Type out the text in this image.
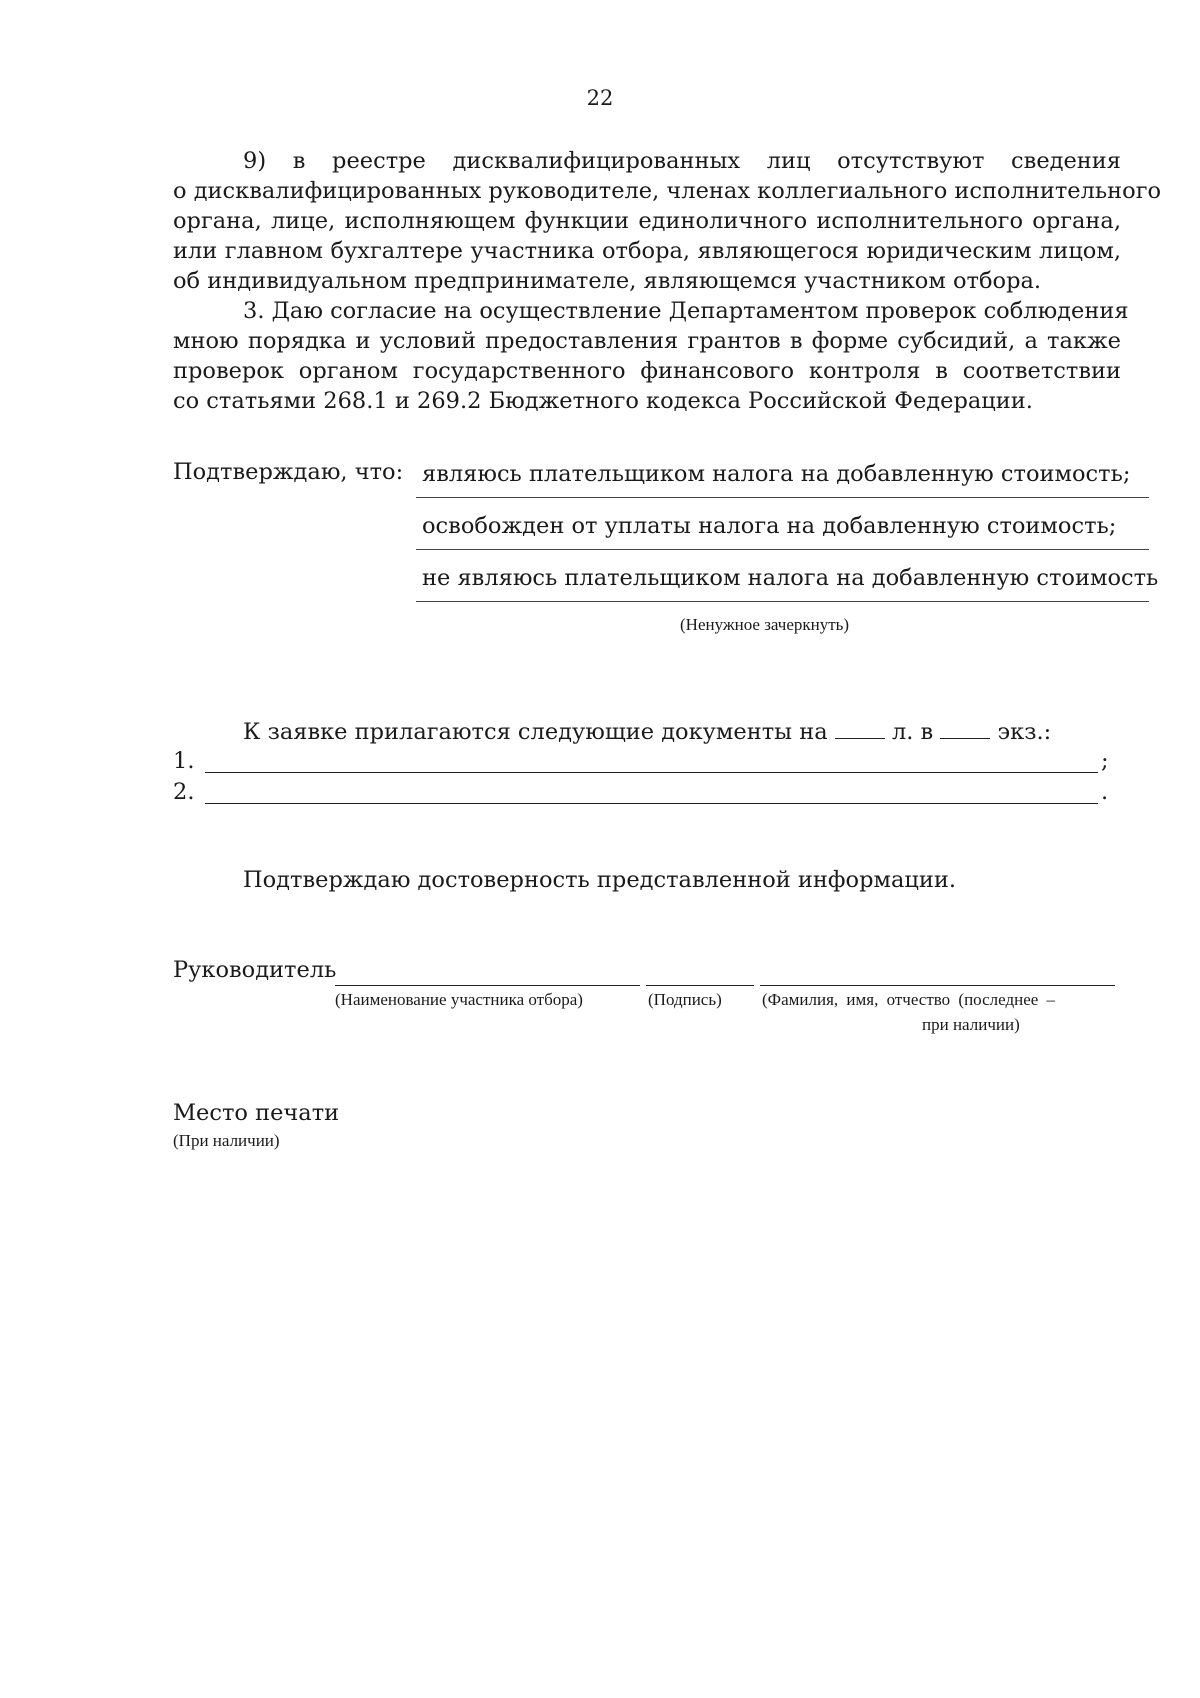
22
9) в реестре дисквалифицированных лиц отсутствуют сведения
о дисквалифицированных руководителе, членах коллегиального исполнительного
органа, лице, исполняющем функции единоличного исполнительного органа,
или главном бухгалтере участника отбора, являющегося юридическим лицом,
об индивидуальном предпринимателе, являющемся участником отбора.
3. Даю согласие на осуществление Департаментом проверок соблюдения
мною порядка и условий предоставления грантов в форме субсидий, а также
проверок органом государственного финансового контроля в соответствии
со статьями 268.1 и 269.2 Бюджетного кодекса Российской Федерации.
Подтверждаю, что: являюсь плательщиком налога на добавленную стоимость;
освобожден от уплаты налога на добавленную стоимость;
не являюсь плательщиком налога на добавленную стоимость
(Ненужное зачеркнуть)
К заявке прилагаются следующие документы на	л. в	экз.:
1.	;
2.	.
Подтверждаю достоверность представленной информации.
Руководитель
(Наименование участника отбора)	(Подпись) (Фамилия, имя, отчество (последнее –
при наличии)
Место печати
(При наличии)
